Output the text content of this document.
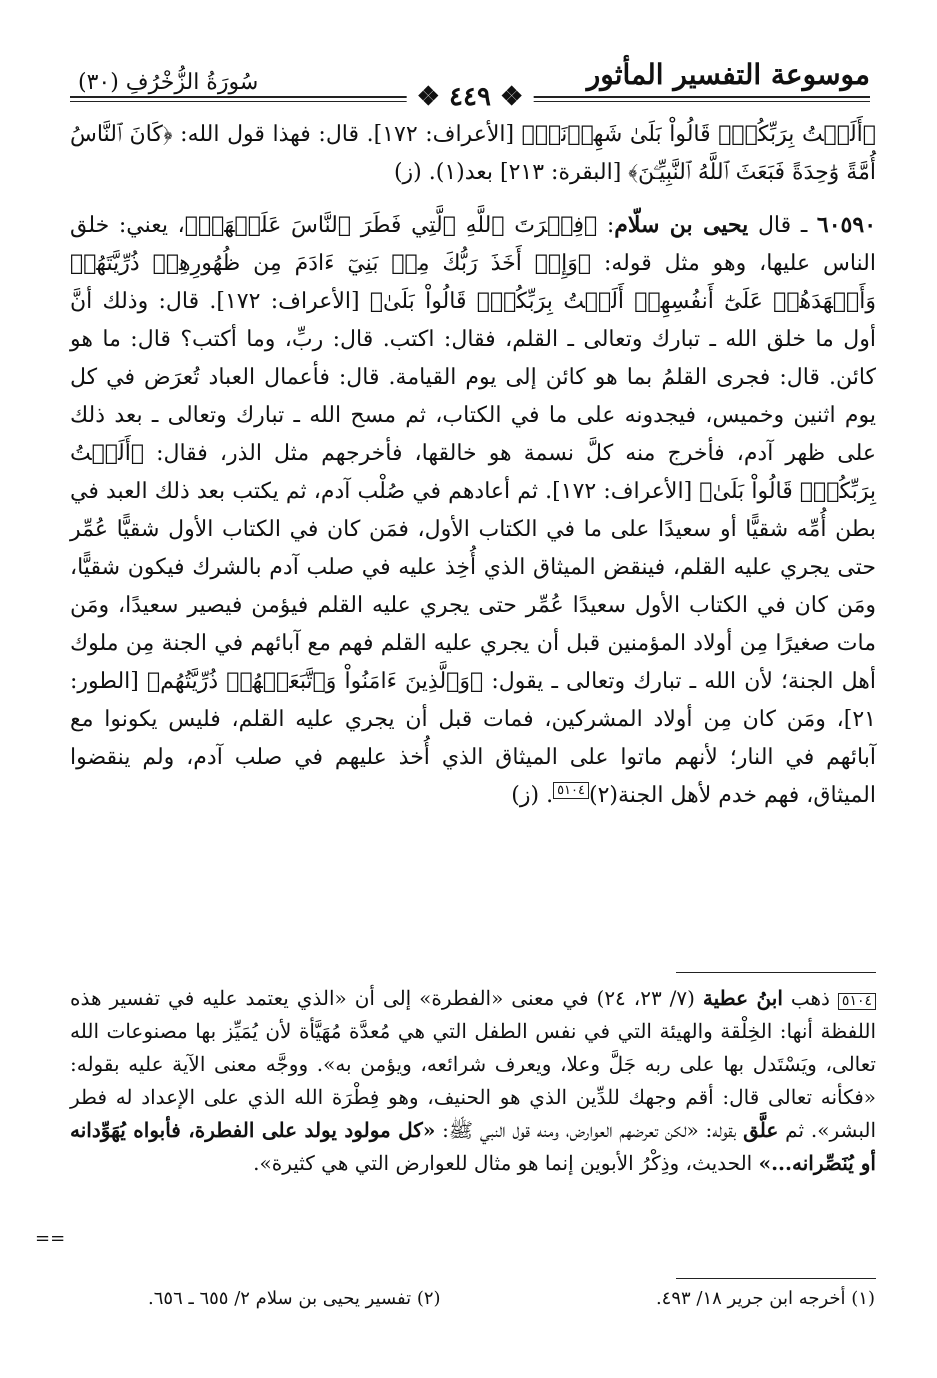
موسوعة التفسير المأثور
سُورَةُ الزُّخْرُفِ (٣٠)	❖ ٤٤٩ ❖

﴿أَلَسۡتُ بِرَبِّكُمۡۖ قَالُواْ بَلَىٰ شَهِدۡنَآۚ﴾ [الأعراف: ١٧٢]. قال: فهذا قول الله: ﴿كَانَ ٱلنَّاسُ أُمَّةً وَٰحِدَةً فَبَعَثَ ٱللَّهُ ٱلنَّبِيِّـۧنَ﴾ [البقرة: ٢١٣] بعد(١). (ز)

٦٠٥٩٠ ـ قال يحيى بن سلّام: ﴿فِطۡرَتَ ٱللَّهِ ٱلَّتِي فَطَرَ ٱلنَّاسَ عَلَيۡهَاۚ﴾، يعني: خلق الناس عليها، وهو مثل قوله: ﴿وَإِذۡ أَخَذَ رَبُّكَ مِنۢ بَنِيٓ ءَادَمَ مِن ظُهُورِهِمۡ ذُرِّيَّتَهُمۡ وَأَشۡهَدَهُمۡ عَلَىٰٓ أَنفُسِهِمۡ أَلَسۡتُ بِرَبِّكُمۡۖ قَالُواْ بَلَىٰ﴾ [الأعراف: ١٧٢]. قال: وذلك أنَّ أول ما خلق الله ـ تبارك وتعالى ـ القلم، فقال: اكتب. قال: ربِّ، وما أكتب؟ قال: ما هو كائن. قال: فجرى القلمُ بما هو كائن إلى يوم القيامة. قال: فأعمال العباد تُعرَض في كل يوم اثنين وخميس، فيجدونه على ما في الكتاب، ثم مسح الله ـ تبارك وتعالى ـ بعد ذلك على ظهر آدم، فأخرج منه كلَّ نسمة هو خالقها، فأخرجهم مثل الذر، فقال: ﴿أَلَسۡتُ بِرَبِّكُمۡۖ قَالُواْ بَلَىٰ﴾ [الأعراف: ١٧٢]. ثم أعادهم في صُلْب آدم، ثم يكتب بعد ذلك العبد في بطن أُمِّه شقيًّا أو سعيدًا على ما في الكتاب الأول، فمَن كان في الكتاب الأول شقيًّا عُمِّر حتى يجري عليه القلم، فينقض الميثاق الذي أُخِذ عليه في صلب آدم بالشرك فيكون شقيًّا، ومَن كان في الكتاب الأول سعيدًا عُمِّر حتى يجري عليه القلم فيؤمن فيصير سعيدًا، ومَن مات صغيرًا مِن أولاد المؤمنين قبل أن يجري عليه القلم فهم مع آبائهم في الجنة مِن ملوك أهل الجنة؛ لأن الله ـ تبارك وتعالى ـ يقول: ﴿وَٱلَّذِينَ ءَامَنُواْ وَٱتَّبَعَتۡهُمۡ ذُرِّيَّتُهُم﴾ [الطور: ٢١]، ومَن كان مِن أولاد المشركين، فمات قبل أن يجري عليه القلم، فليس يكونوا مع آبائهم في النار؛ لأنهم ماتوا على الميثاق الذي أُخذ عليهم في صلب آدم، ولم ينقضوا الميثاق، فهم خدم لأهل الجنة(٢)٥١٠٤. (ز)

٥١٠٤ ذهب ابنُ عطية (٧/ ٢٣، ٢٤) في معنى «الفطرة» إلى أن «الذي يعتمد عليه في تفسير هذه اللفظة أنها: الخِلْقة والهيئة التي في نفس الطفل التي هي مُعدَّة مُهَيَّأة لأن يُمَيِّز بها مصنوعات الله تعالى، ويَسْتَدل بها على ربه جَلَّ وعلا، ويعرف شرائعه، ويؤمن به». ووجَّه معنى الآية عليه بقوله: «فكأنه تعالى قال: أقم وجهك للدِّين الذي هو الحنيف، وهو فِطْرَة الله الذي على الإعداد له فطر البشر». ثم علَّق بقوله: «لكن تعرضهم العوارض، ومنه قول النبي ﷺ: «كل مولود يولد على الفطرة، فأبواه يُهَوِّدانه أو يُنَصِّرانه...» الحديث، وذِكْرُ الأبوين إنما هو مثال للعوارض التي هي كثيرة».
==
(١) أخرجه ابن جرير ١٨/ ٤٩٣.
(٢) تفسير يحيى بن سلام ٢/ ٦٥٥ ـ ٦٥٦.
